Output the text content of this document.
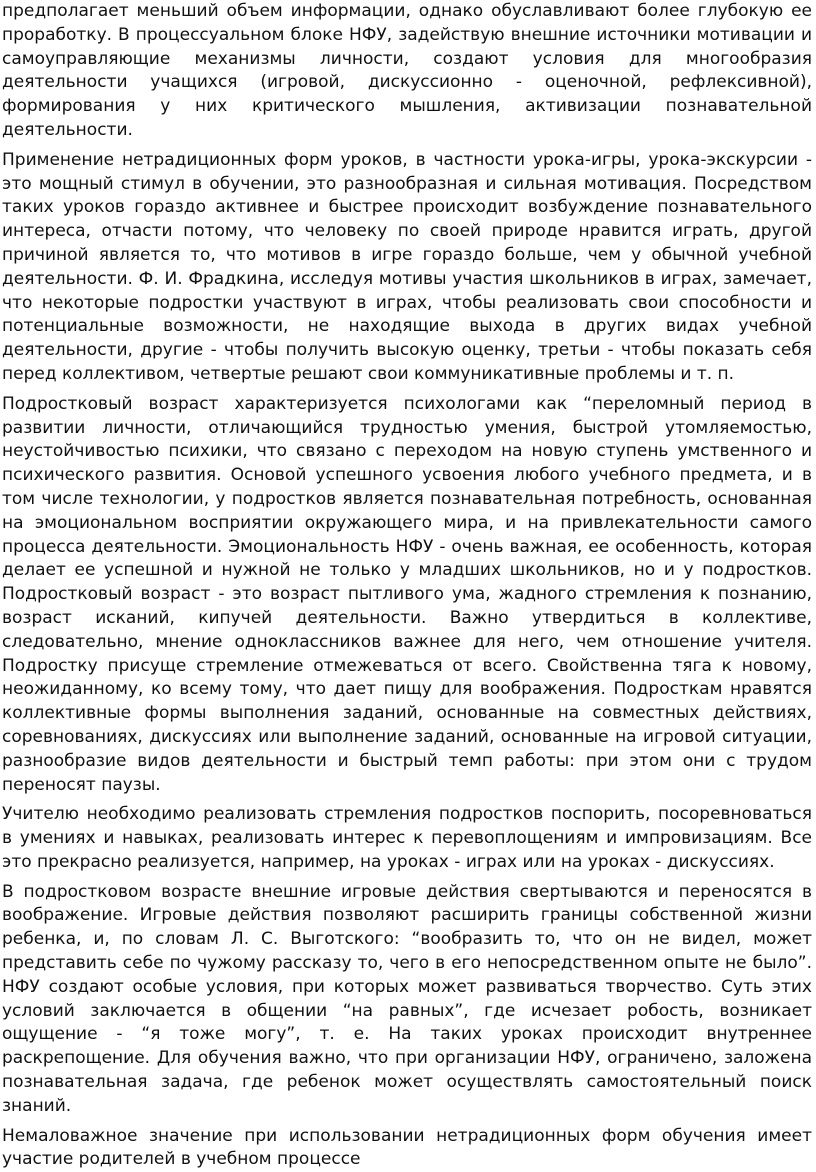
предполагает меньший объем информации, однако обуславливают более глубокую ее проработку. В процессуальном блоке НФУ, задействую внешние источники мотивации и самоуправляющие механизмы личности, создают условия для многообразия деятельности учащихся (игровой, дискуссионно - оценочной, рефлексивной), формирования у них критического мышления, активизации познавательной деятельности.

Применение нетрадиционных форм уроков, в частности урока-игры, урока-экскурсии - это мощный стимул в обучении, это разнообразная и сильная мотивация. Посредством таких уроков гораздо активнее и быстрее происходит возбуждение познавательного интереса, отчасти потому, что человеку по своей природе нравится играть, другой причиной является то, что мотивов в игре гораздо больше, чем у обычной учебной деятельности. Ф. И. Фрадкина, исследуя мотивы участия школьников в играх, замечает, что некоторые подростки участвуют в играх, чтобы реализовать свои способности и потенциальные возможности, не находящие выхода в других видах учебной деятельности, другие - чтобы получить высокую оценку, третьи - чтобы показать себя перед коллективом, четвертые решают свои коммуникативные проблемы и т. п.

Подростковый возраст характеризуется психологами как “переломный период в развитии личности, отличающийся трудностью умения, быстрой утомляемостью, неустойчивостью психики, что связано с переходом на новую ступень умственного и психического развития. Основой успешного усвоения любого учебного предмета, и в том числе технологии, у подростков является познавательная потребность, основанная на эмоциональном восприятии окружающего мира, и на привлекательности самого процесса деятельности. Эмоциональность НФУ - очень важная, ее особенность, которая делает ее успешной и нужной не только у младших школьников, но и у подростков. Подростковый возраст - это возраст пытливого ума, жадного стремления к познанию, возраст исканий, кипучей деятельности. Важно утвердиться в коллективе, следовательно, мнение одноклассников важнее для него, чем отношение учителя. Подростку присуще стремление отмежеваться от всего. Свойственна тяга к новому, неожиданному, ко всему тому, что дает пищу для воображения. Подросткам нравятся коллективные формы выполнения заданий, основанные на совместных действиях, соревнованиях, дискуссиях или выполнение заданий, основанные на игровой ситуации, разнообразие видов деятельности и быстрый темп работы: при этом они с трудом переносят паузы.

Учителю необходимо реализовать стремления подростков поспорить, посоревноваться в умениях и навыках, реализовать интерес к перевоплощениям и импровизациям. Все это прекрасно реализуется, например, на уроках - играх или на уроках - дискуссиях.

В подростковом возрасте внешние игровые действия свертываются и переносятся в воображение. Игровые действия позволяют расширить границы собственной жизни ребенка, и, по словам Л. С. Выготского: “вообразить то, что он не видел, может представить себе по чужому рассказу то, чего в его непосредственном опыте не было”. НФУ создают особые условия, при которых может развиваться творчество. Суть этих условий заключается в общении “на равных”, где исчезает робость, возникает ощущение - “я тоже могу”, т. е. На таких уроках происходит внутреннее раскрепощение. Для обучения важно, что при организации НФУ, ограничено, заложена познавательная задача, где ребенок может осуществлять самостоятельный поиск знаний.

Немаловажное значение при использовании нетрадиционных форм обучения имеет участие родителей в учебном процессе
